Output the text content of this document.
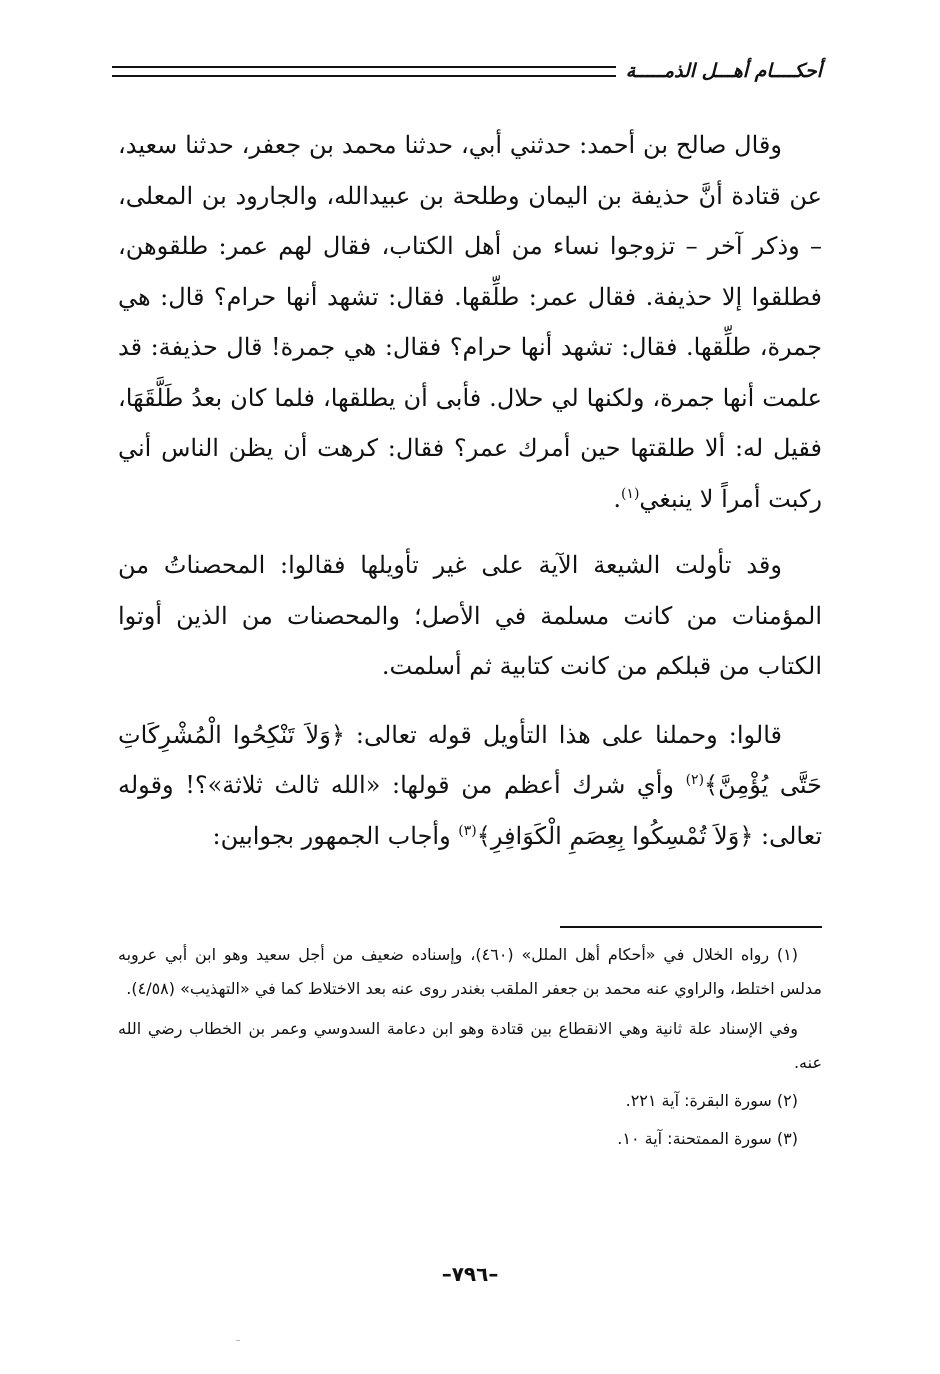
أحكــــام أهـــل الذمـــــة

وقال صالح بن أحمد: حدثني أبي، حدثنا محمد بن جعفر، حدثنا سعيد، عن قتادة أنَّ حذيفة بن اليمان وطلحة بن عبيدالله، والجارود بن المعلى، – وذكر آخر – تزوجوا نساء من أهل الكتاب، فقال لهم عمر: طلقوهن، فطلقوا إلا حذيفة. فقال عمر: طلِّقها. فقال: تشهد أنها حرام؟ قال: هي جمرة، طلِّقها. فقال: تشهد أنها حرام؟ فقال: هي جمرة! قال حذيفة: قد علمت أنها جمرة، ولكنها لي حلال. فأبى أن يطلقها، فلما كان بعدُ طَلَّقَهَا، فقيل له: ألا طلقتها حين أمرك عمر؟ فقال: كرهت أن يظن الناس أني ركبت أمراً لا ينبغي$^{(١)}$.

وقد تأولت الشيعة الآية على غير تأويلها فقالوا: المحصناتُ من المؤمنات من كانت مسلمة في الأصل؛ والمحصنات من الذين أوتوا الكتاب من قبلكم من كانت كتابية ثم أسلمت.

قالوا: وحملنا على هذا التأويل قوله تعالى: ﴿وَلاَ تَنْكِحُوا الْمُشْرِكَاتِ حَتَّى يُؤْمِنَّ﴾$^{(٢)}$ وأي شرك أعظم من قولها: «الله ثالث ثلاثة»؟! وقوله تعالى: ﴿وَلاَ تُمْسِكُوا بِعِصَمِ الْكَوَافِرِ﴾$^{(٣)}$ وأجاب الجمهور بجوابين:

(١) رواه الخلال في «أحكام أهل الملل» (٤٦٠)، وإسناده ضعيف من أجل سعيد وهو ابن أبي عروبه مدلس اختلط، والراوي عنه محمد بن جعفر الملقب بغندر روى عنه بعد الاختلاط كما في «التهذيب» (٤/٥٨).

وفي الإسناد علة ثانية وهي الانقطاع بين قتادة وهو ابن دعامة السدوسي وعمر بن الخطاب رضي الله عنه.

(٢) سورة البقرة: آية ٢٢١.

(٣) سورة الممتحنة: آية ١٠.

–٧٩٦–
